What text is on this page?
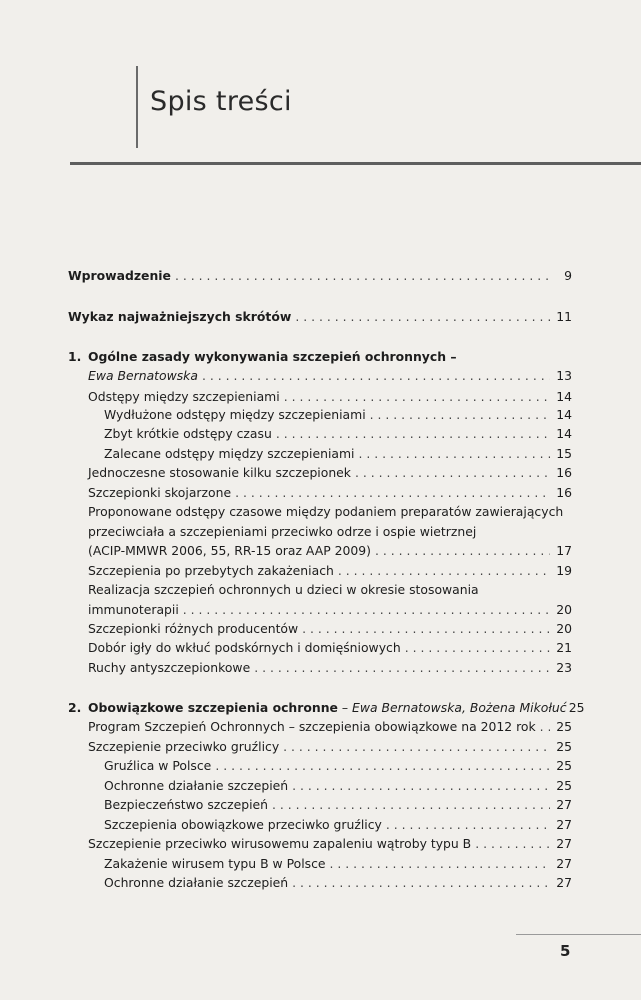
Spis treści
Wprowadzenie . . .	9
Wykaz najważniejszych skrótów . . .	11
1. Ogólne zasady wykonywania szczepień ochronnych –
Ewa Bernatowska . . .	13
Odstępy między szczepieniami . . .	14
Wydłużone odstępy między szczepieniami . . .	14
Zbyt krótkie odstępy czasu . . .	14
Zalecane odstępy między szczepieniami . . .	15
Jednoczesne stosowanie kilku szczepionek . . .	16
Szczepionki skojarzone . . .	16
Proponowane odstępy czasowe między podaniem preparatów zawierających
przeciwciała a szczepieniami przeciwko odrze i ospie wietrznej
(ACIP-MMWR 2006, 55, RR-15 oraz AAP 2009) . . .	17
Szczepienia po przebytych zakażeniach . . .	19
Realizacja szczepień ochronnych u dzieci w okresie stosowania
immunoterapii . . .	20
Szczepionki różnych producentów . . .	20
Dobór igły do wkłuć podskórnych i domięśniowych . . .	21
Ruchy antyszczepionkowe . . .	23
2. Obowiązkowe szczepienia ochronne – Ewa Bernatowska, Bożena Mikołuć 25
Program Szczepień Ochronnych – szczepienia obowiązkowe na 2012 rok . . . 25
Szczepienie przeciwko gruźlicy . . .	25
Gruźlica w Polsce . . .	25
Ochronne działanie szczepień . . .	25
Bezpieczeństwo szczepień . . .	27
Szczepienia obowiązkowe przeciwko gruźlicy . . .	27
Szczepienie przeciwko wirusowemu zapaleniu wątroby typu B . . .	27
Zakażenie wirusem typu B w Polsce . . .	27
Ochronne działanie szczepień . . .	27
5
